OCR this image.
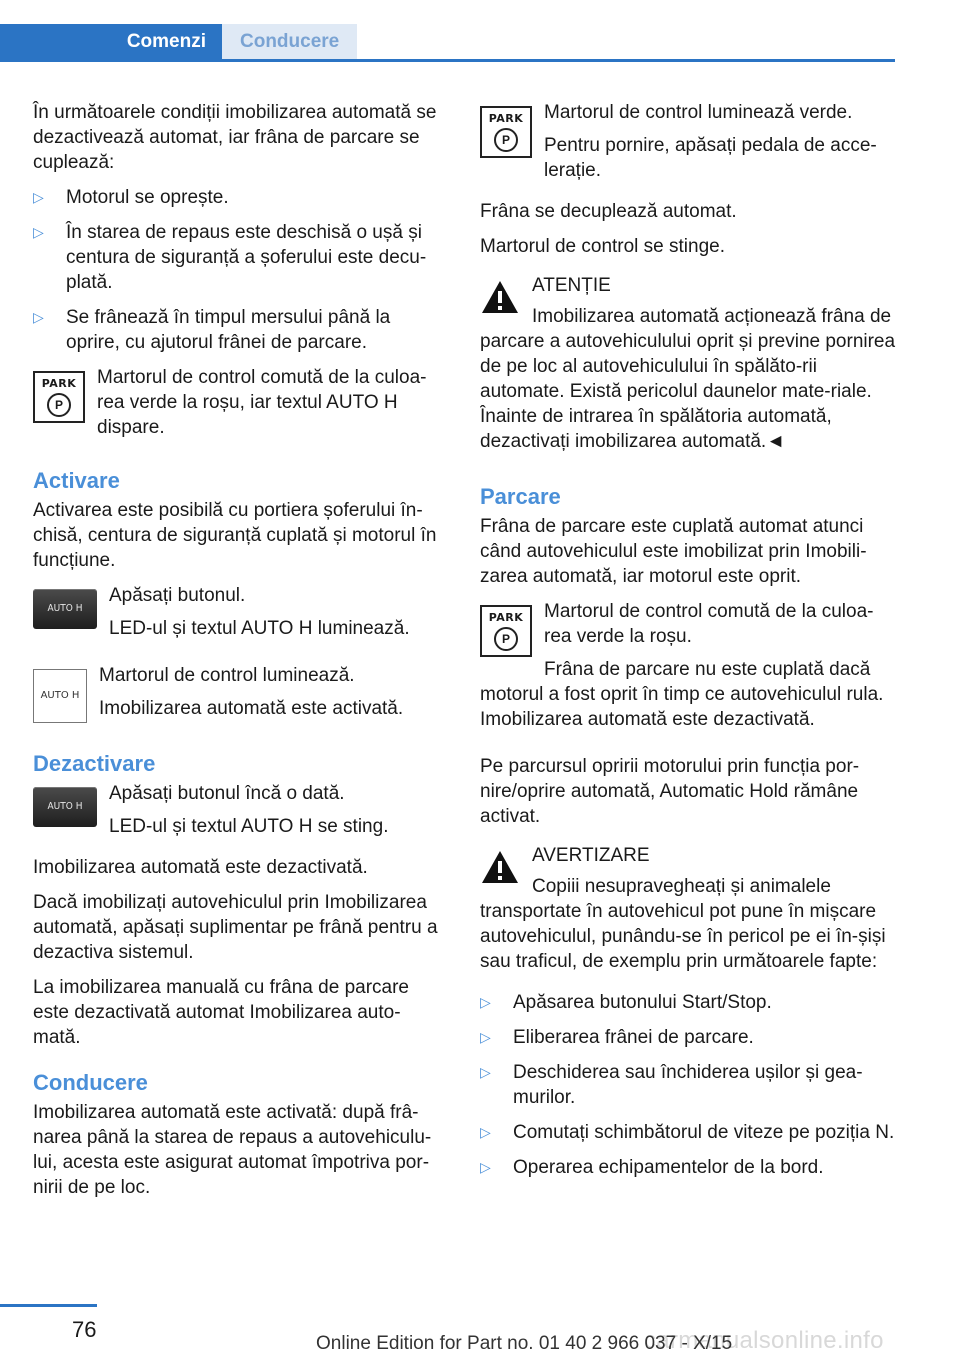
Comenzi	Conducere

În următoarele condiții imobilizarea automată se dezactivează automat, iar frâna de parcare se cuplează:

▷ Motorul se oprește.
▷ În starea de repaus este deschisă o ușă și centura de siguranță a șoferului este decu‐plată.
▷ Se frânează în timpul mersului până la oprire, cu ajutorul frânei de parcare.
PARK
P

Martorul de control comută de la culoa‐rea verde la roșu, iar textul AUTO H dispare.

Activare

Activarea este posibilă cu portiera șoferului în‐chisă, centura de siguranță cuplată și motorul în funcțiune.

AUTO H

Apăsați butonul.

LED-ul și textul AUTO H luminează.

AUTO H

Martorul de control luminează.

Imobilizarea automată este activată.

Dezactivare
AUTO H

Apăsați butonul încă o dată.

LED-ul și textul AUTO H se sting.

Imobilizarea automată este dezactivată.

Dacă imobilizați autovehiculul prin Imobilizarea automată, apăsați suplimentar pe frână pentru a dezactiva sistemul.

La imobilizarea manuală cu frâna de parcare este dezactivată automat Imobilizarea auto‐mată.

Conducere

Imobilizarea automată este activată: după frâ‐narea până la starea de repaus a autovehiculu‐lui, acesta este asigurat automat împotriva por‐nirii de pe loc.

PARK
P

Martorul de control luminează verde.

Pentru pornire, apăsați pedala de acce‐lerație.

Frâna se decuplează automat.

Martorul de control se stinge.

ATENȚIE

Imobilizarea automată acționează frâna de parcare a autovehiculului oprit și previne pornirea de pe loc al autovehiculului în spălăto‐rii automate. Există pericolul daunelor mate‐riale. Înainte de intrarea în spălătoria automată, dezactivați imobilizarea automată.◄

Parcare

Frâna de parcare este cuplată automat atunci când autovehiculul este imobilizat prin Imobili‐zarea automată, iar motorul este oprit.

PARK
P

Martorul de control comută de la culoa‐rea verde la roșu.

Frâna de parcare nu este cuplată dacă motorul a fost oprit în timp ce autovehiculul rula. Imobilizarea automată este dezactivată.

Pe parcursul opririi motorului prin funcția por‐nire/oprire automată, Automatic Hold rămâne activat.

AVERTIZARE

Copiii nesupravegheați și animalele transportate în autovehicul pot pune în mișcare autovehiculul, punându-se în pericol pe ei în‐șiși sau traficul, de exemplu prin următoarele fapte:

▷ Apăsarea butonului Start/Stop.
▷ Eliberarea frânei de parcare.
▷ Deschiderea sau închiderea ușilor și gea‐murilor.
▷ Comutați schimbătorul de viteze pe poziția N.
▷ Operarea echipamentelor de la bord.
76	carmanualsonline.info
Online Edition for Part no. 01 40 2 966 037 - X/15
